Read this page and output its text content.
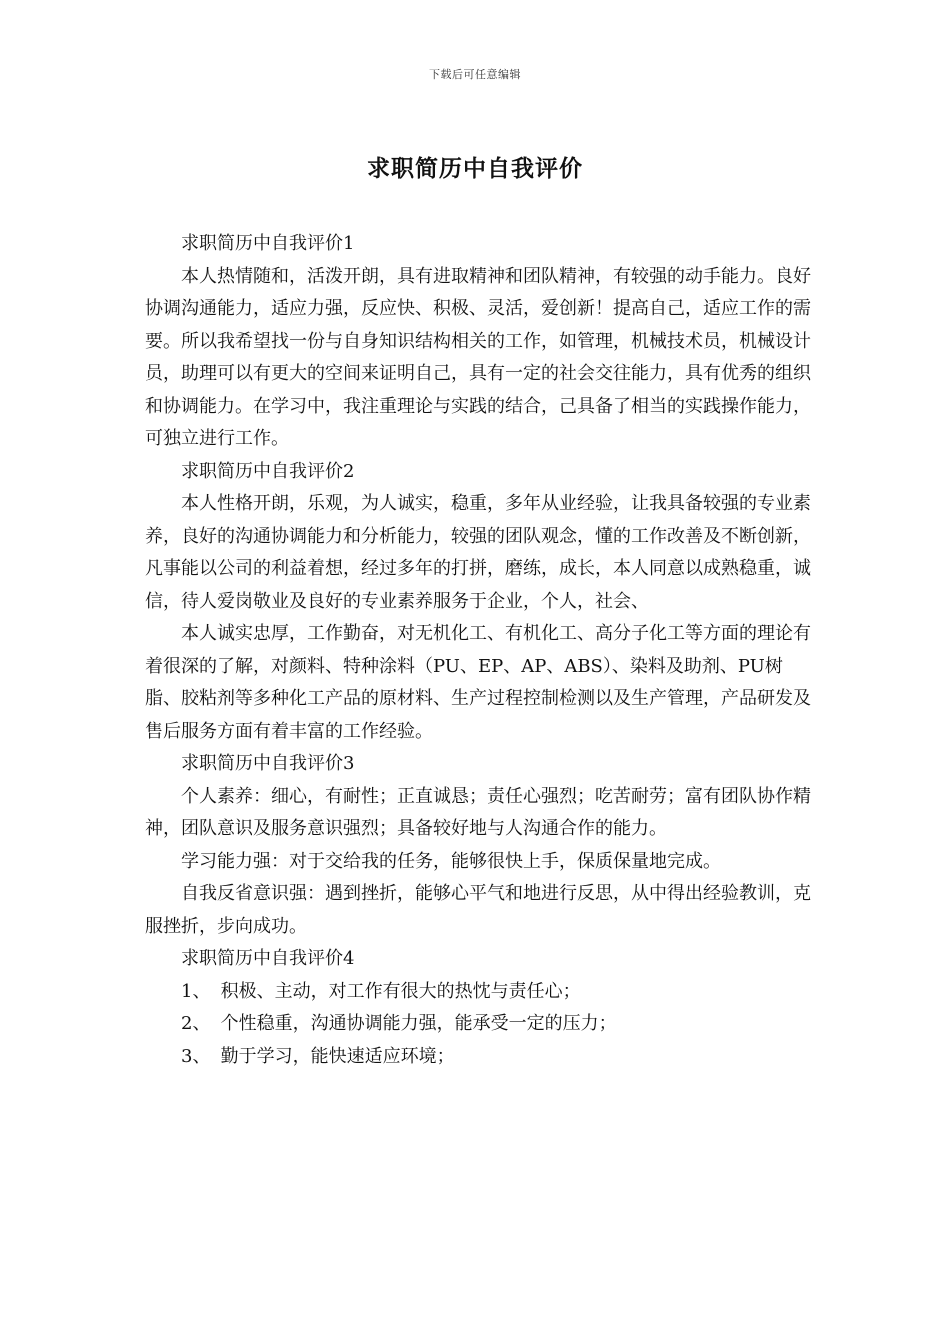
下载后可任意编辑
求职简历中自我评价

求职简历中自我评价1

本人热情随和，活泼开朗，具有进取精神和团队精神，有较强的动手能力。良好协调沟通能力，适应力强，反应快、积极、灵活，爱创新！提高自己，适应工作的需要。所以我希望找一份与自身知识结构相关的工作，如管理，机械技术员，机械设计员，助理可以有更大的空间来证明自己，具有一定的社会交往能力，具有优秀的组织和协调能力。在学习中，我注重理论与实践的结合，己具备了相当的实践操作能力，可独立进行工作。

求职简历中自我评价2

本人性格开朗，乐观，为人诚实，稳重，多年从业经验，让我具备较强的专业素养，良好的沟通协调能力和分析能力，较强的团队观念，懂的工作改善及不断创新，凡事能以公司的利益着想，经过多年的打拼，磨练，成长，本人同意以成熟稳重，诚信，待人爱岗敬业及良好的专业素养服务于企业，个人，社会、

本人诚实忠厚，工作勤奋，对无机化工、有机化工、高分子化工等方面的理论有着很深的了解，对颜料、特种涂料（PU、EP、AP、ABS）、染料及助剂、PU树脂、胶粘剂等多种化工产品的原材料、生产过程控制检测以及生产管理，产品研发及售后服务方面有着丰富的工作经验。

求职简历中自我评价3

个人素养：细心，有耐性；正直诚恳；责任心强烈；吃苦耐劳；富有团队协作精神，团队意识及服务意识强烈；具备较好地与人沟通合作的能力。

学习能力强：对于交给我的任务，能够很快上手，保质保量地完成。

自我反省意识强：遇到挫折，能够心平气和地进行反思，从中得出经验教训，克服挫折，步向成功。

求职简历中自我评价4

1、 积极、主动，对工作有很大的热忱与责任心；

2、 个性稳重，沟通协调能力强，能承受一定的压力；

3、 勤于学习，能快速适应环境；
